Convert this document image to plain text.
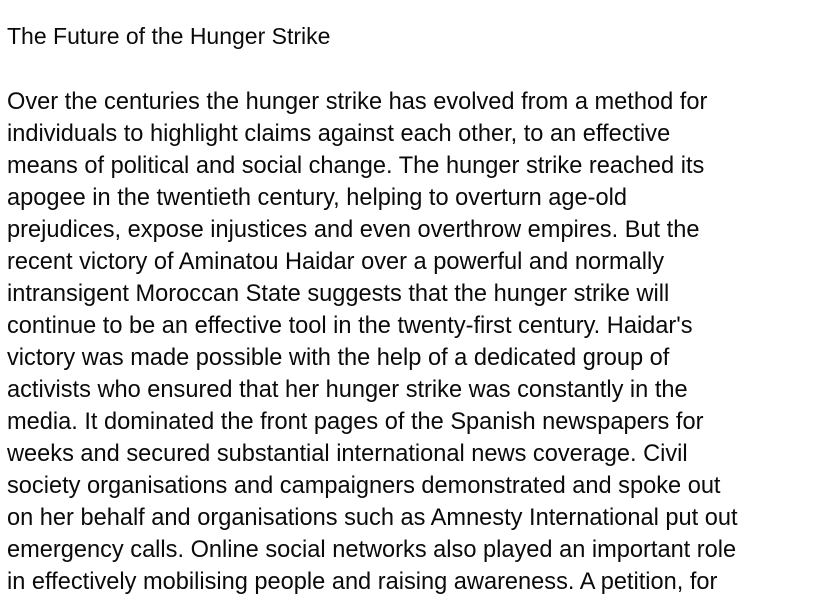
The Future of the Hunger Strike
Over the centuries the hunger strike has evolved from a method for
individuals to highlight claims against each other, to an effective
means of political and social change. The hunger strike reached its
apogee in the twentieth century, helping to overturn age-old
prejudices, expose injustices and even overthrow empires. But the
recent victory of Aminatou Haidar over a powerful and normally
intransigent Moroccan State suggests that the hunger strike will
continue to be an effective tool in the twenty-first century. Haidar's
victory was made possible with the help of a dedicated group of
activists who ensured that her hunger strike was constantly in the
media. It dominated the front pages of the Spanish newspapers for
weeks and secured substantial international news coverage. Civil
society organisations and campaigners demonstrated and spoke out
on her behalf and organisations such as Amnesty International put out
emergency calls. Online social networks also played an important role
in effectively mobilising people and raising awareness. A petition, for
